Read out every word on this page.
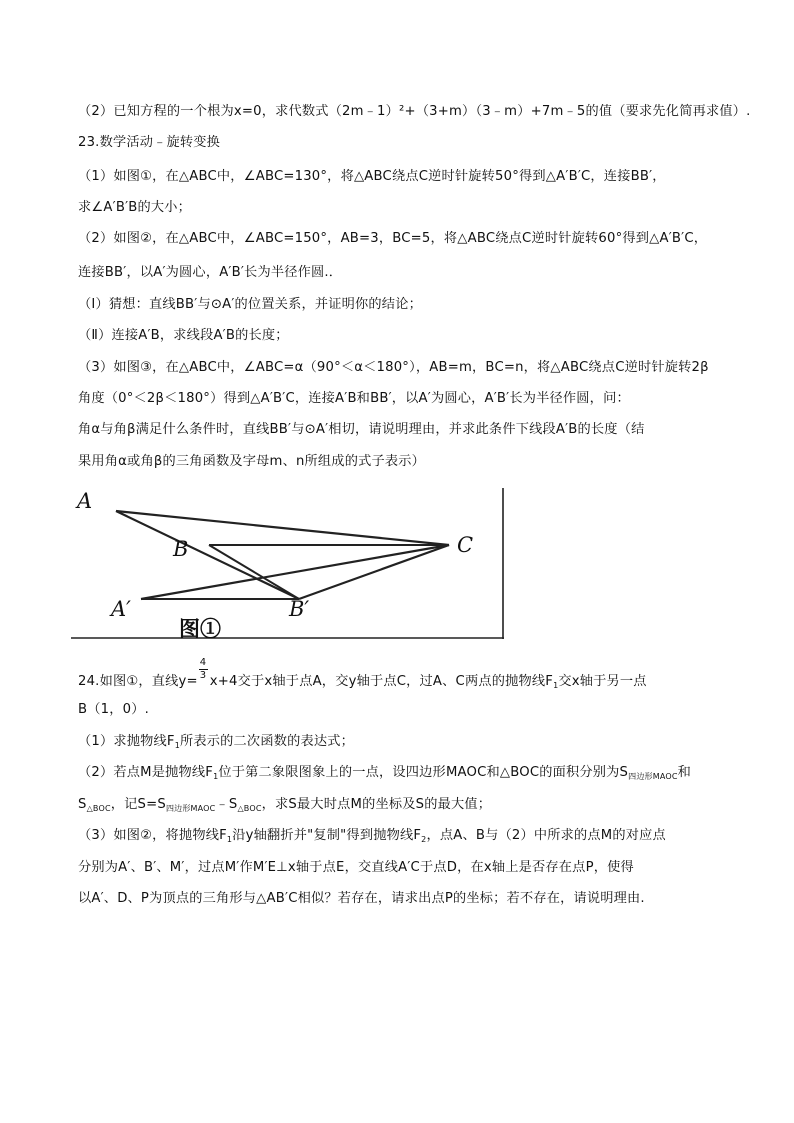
（2）已知方程的一个根为x=0，求代数式（2m﹣1）²+（3+m）（3﹣m）+7m﹣5的值（要求先化简再求值）.
23.数学活动﹣旋转变换
（1）如图①，在△ABC中，∠ABC=130°，将△ABC绕点C逆时针旋转50°得到△A′B′C，连接BB′，
求∠A′B′B的大小；
（2）如图②，在△ABC中，∠ABC=150°，AB=3，BC=5，将△ABC绕点C逆时针旋转60°得到△A′B′C，
连接BB′，以A′为圆心，A′B′长为半径作圆.．
（Ⅰ）猜想：直线BB′与⊙A′的位置关系，并证明你的结论；
（Ⅱ）连接A′B，求线段A′B的长度；
（3）如图③，在△ABC中，∠ABC=α（90°＜α＜180°），AB=m，BC=n，将△ABC绕点C逆时针旋转2β
角度（0°＜2β＜180°）得到△A′B′C，连接A′B和BB′，以A′为圆心，A′B′长为半径作圆，问：
角α与角β满足什么条件时，直线BB′与⊙A′相切，请说明理由，并求此条件下线段A′B的长度（结
果用角α或角β的三角函数及字母m、n所组成的式子表示）
A
B	C
A′	B′
图①
24.如图①，直线$y= \frac{4}{3} x+4$交于x轴于点A，交y轴于点C，过A、C两点的抛物线$F_1$交x轴于另一点
B（1，0）.
（1）求抛物线$F_1$所表示的二次函数的表达式；
（2）若点M是抛物线$F_1$位于第二象限图象上的一点，设四边形MAOC和△BOC的面积分别为$S_{四边形MAOC}$和
$S_{\triangle BOC}$，记$S=S_{四边形MAOC}﹣S_{\triangle BOC}$，求S最大时点M的坐标及S的最大值；
（3）如图②，将抛物线$F_1$沿y轴翻折并"复制"得到抛物线$F_2$，点A、B与（2）中所求的点M的对应点
分别为A′、B′、M′，过点M′作M′E⊥x轴于点E，交直线A′C于点D，在x轴上是否存在点P，使得
以A′、D、P为顶点的三角形与△AB′C相似？若存在，请求出点P的坐标；若不存在，请说明理由.
